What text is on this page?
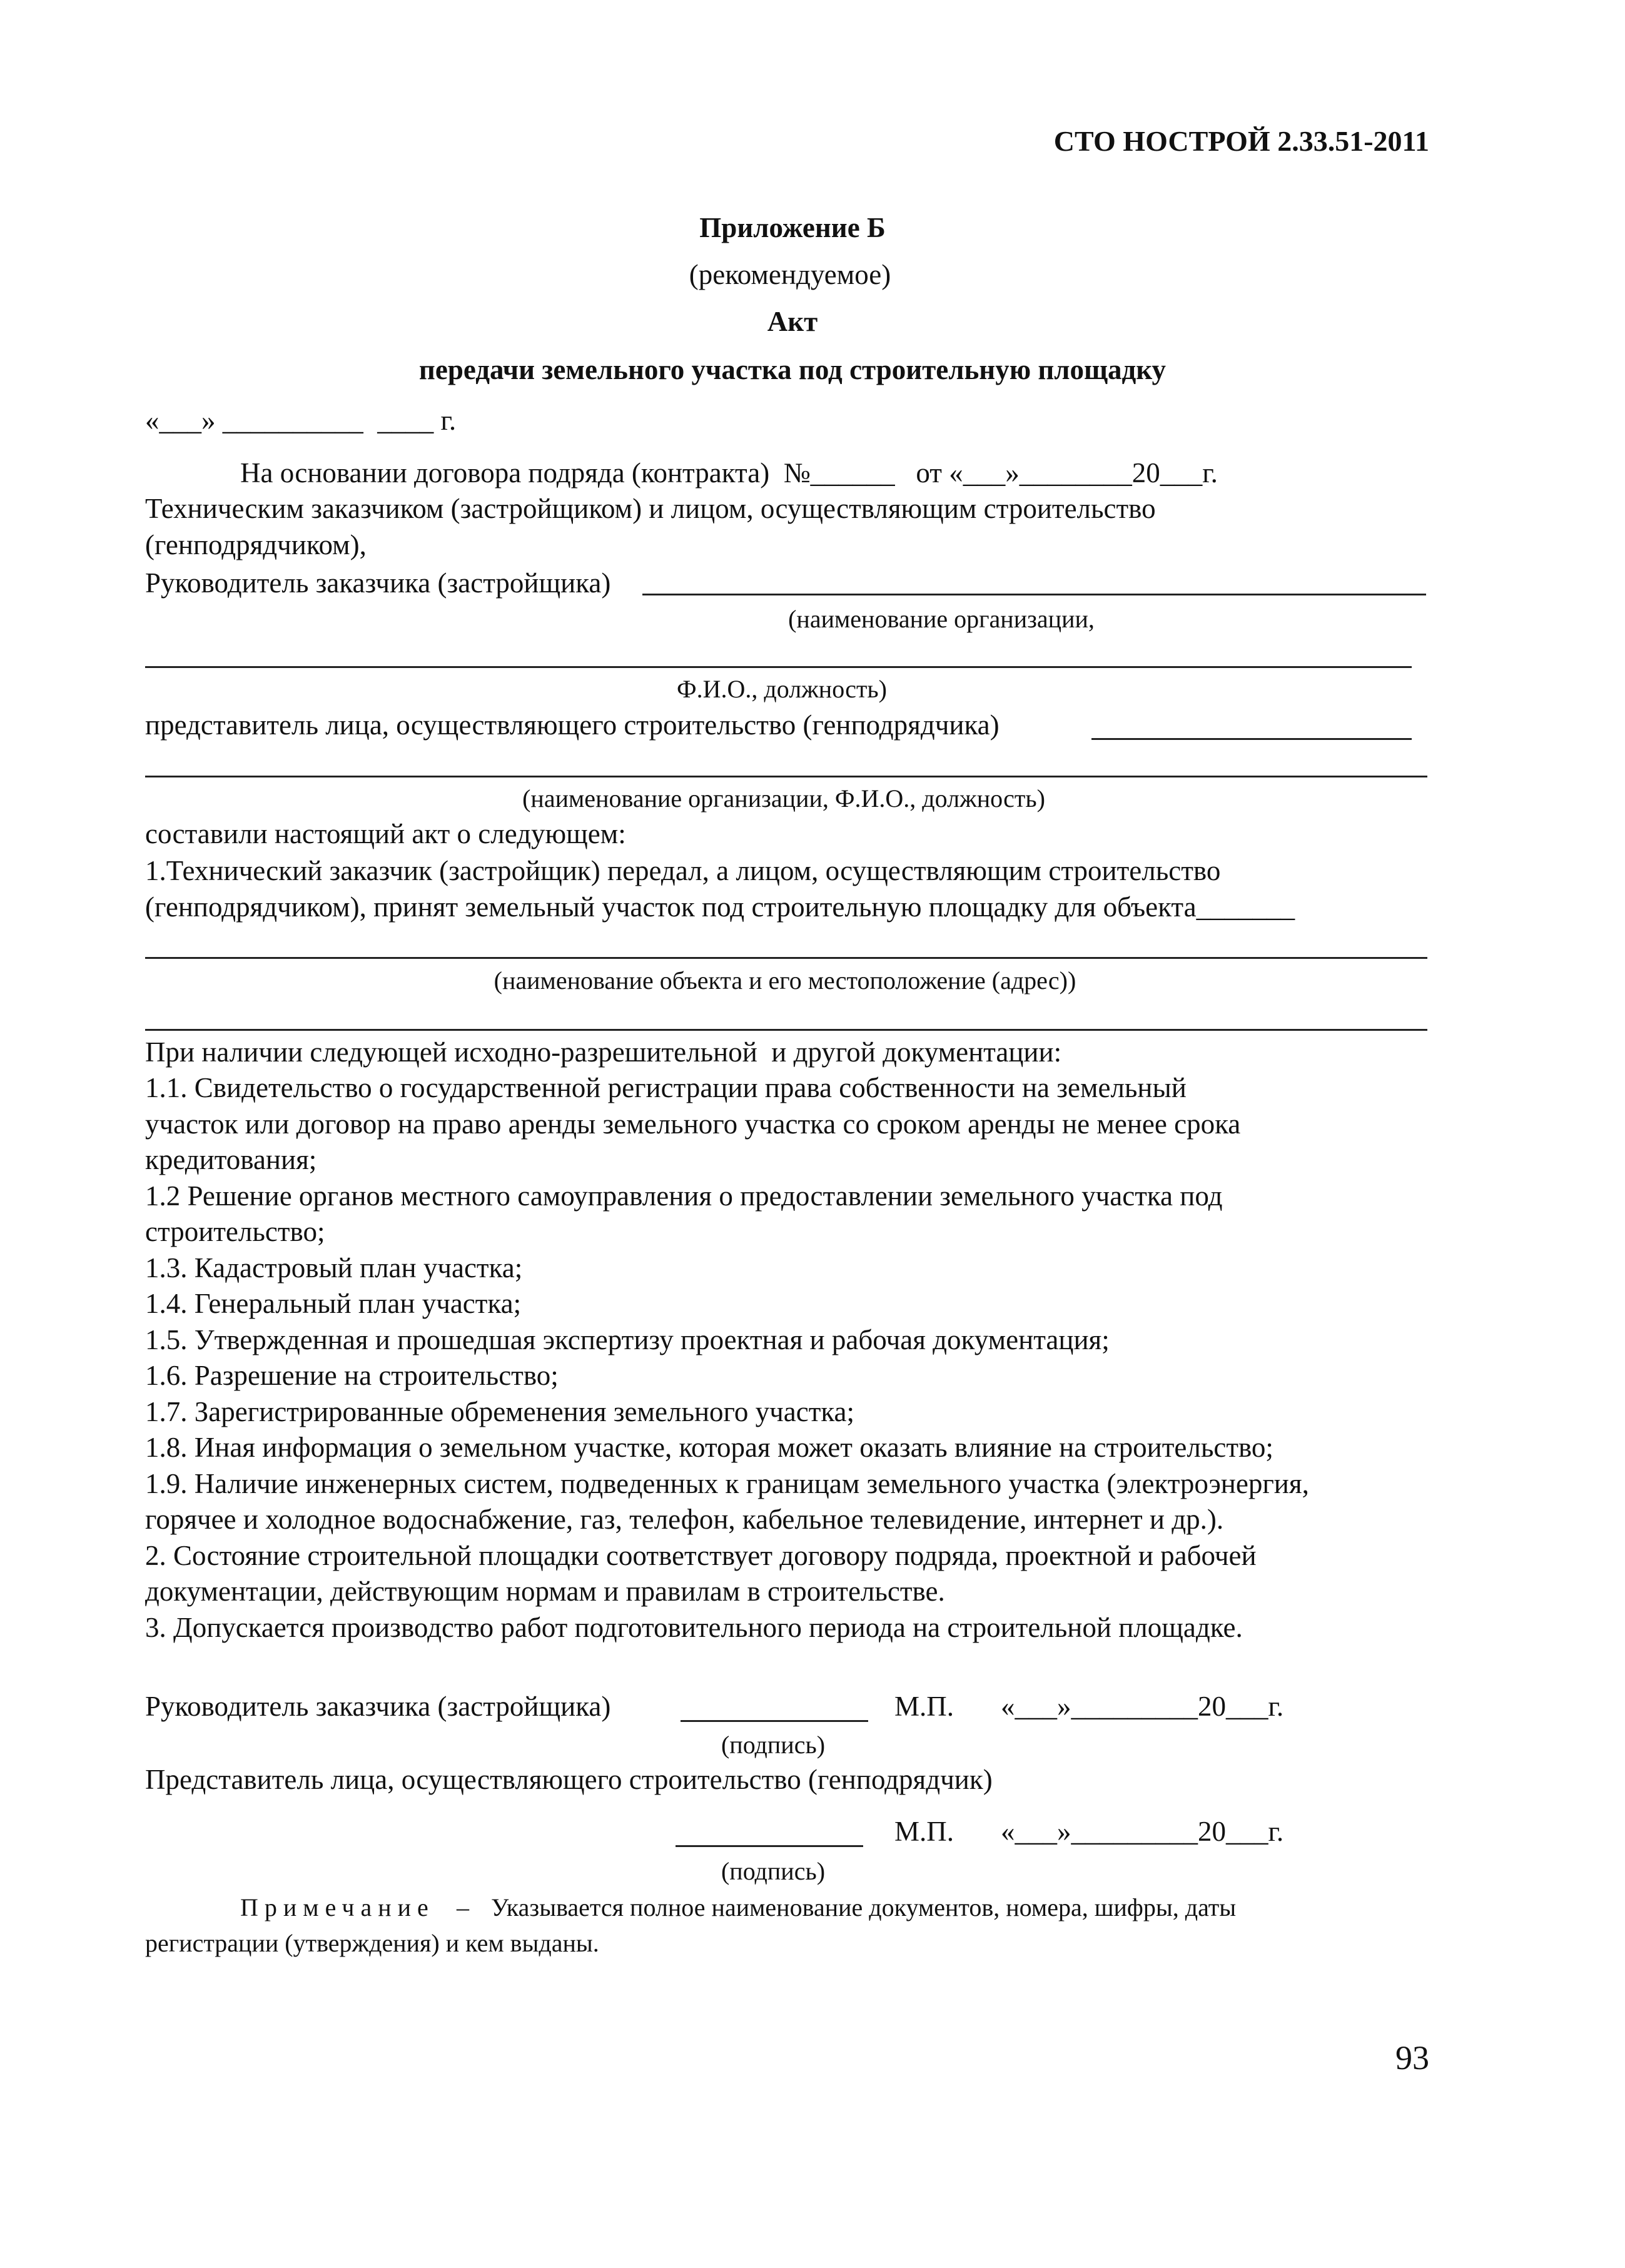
СТО НОСТРОЙ 2.33.51-2011
Приложение Б
(рекомендуемое)
Акт
передачи земельного участка под строительную площадку
«___» __________  ____ г.
На основании договора подряда (контракта)  №______   от «___»________20___г.
Техническим заказчиком (застройщиком) и лицом, осуществляющим строительство
(генподрядчиком),
Руководитель заказчика (застройщика)
(наименование организации,
Ф.И.О., должность)
представитель лица, осуществляющего строительство (генподрядчика)
(наименование организации, Ф.И.О., должность)
составили настоящий акт о следующем:
1.Технический заказчик (застройщик) передал, а лицом, осуществляющим строительство
(генподрядчиком), принят земельный участок под строительную площадку для объекта_______
(наименование объекта и его местоположение (адрес))
При наличии следующей исходно-разрешительной  и другой документации:
1.1. Свидетельство о государственной регистрации права собственности на земельный
участок или договор на право аренды земельного участка со сроком аренды не менее срока
кредитования;
1.2 Решение органов местного самоуправления о предоставлении земельного участка под
строительство;
1.3. Кадастровый план участка;
1.4. Генеральный план участка;
1.5. Утвержденная и прошедшая экспертизу проектная и рабочая документация;
1.6. Разрешение на строительство;
1.7. Зарегистрированные обременения земельного участка;
1.8. Иная информация о земельном участке, которая может оказать влияние на строительство;
1.9. Наличие инженерных систем, подведенных к границам земельного участка (электроэнергия,
горячее и холодное водоснабжение, газ, телефон, кабельное телевидение, интернет и др.).
2. Состояние строительной площадки соответствует договору подряда, проектной и рабочей
документации, действующим нормам и правилам в строительстве.
3. Допускается производство работ подготовительного периода на строительной площадке.
Руководитель заказчика (застройщика)	М.П. «___»_________20___г.
(подпись)
Представитель лица, осуществляющего строительство (генподрядчик)
М.П. «___»_________20___г.
(подпись)
Примечание – Указывается полное наименование документов, номера, шифры, даты
регистрации (утверждения) и кем выданы.
93
